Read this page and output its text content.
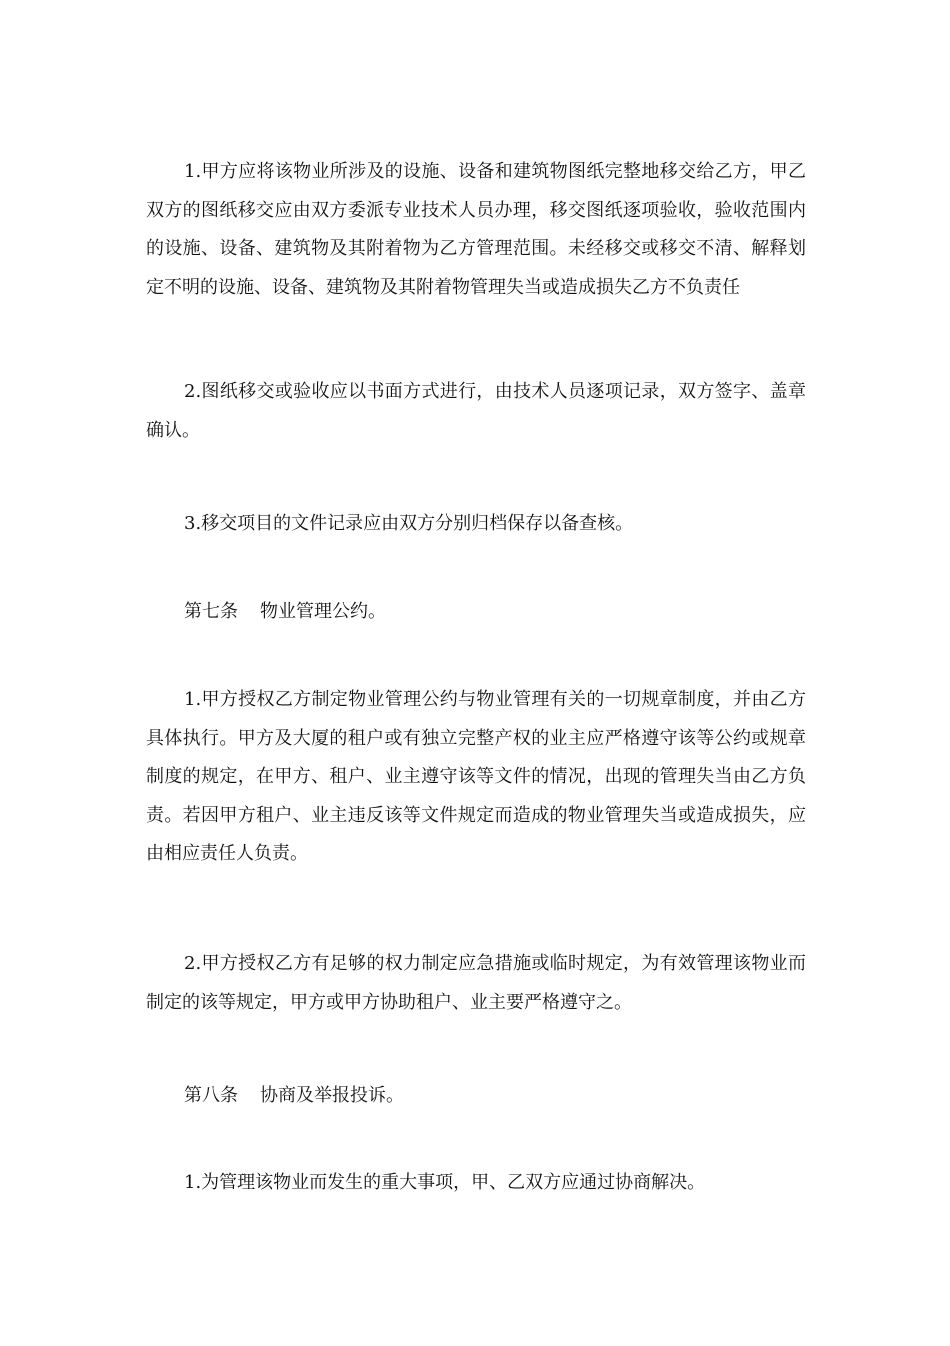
1.甲方应将该物业所涉及的设施、设备和建筑物图纸完整地移交给乙方，甲乙双方的图纸移交应由双方委派专业技术人员办理，移交图纸逐项验收，验收范围内的设施、设备、建筑物及其附着物为乙方管理范围。未经移交或移交不清、解释划定不明的设施、设备、建筑物及其附着物管理失当或造成损失乙方不负责任

2.图纸移交或验收应以书面方式进行，由技术人员逐项记录，双方签字、盖章确认。

3.移交项目的文件记录应由双方分别归档保存以备查核。

第七条 物业管理公约。

1.甲方授权乙方制定物业管理公约与物业管理有关的一切规章制度，并由乙方具体执行。甲方及大厦的租户或有独立完整产权的业主应严格遵守该等公约或规章制度的规定，在甲方、租户、业主遵守该等文件的情况，出现的管理失当由乙方负责。若因甲方租户、业主违反该等文件规定而造成的物业管理失当或造成损失，应由相应责任人负责。

2.甲方授权乙方有足够的权力制定应急措施或临时规定，为有效管理该物业而制定的该等规定，甲方或甲方协助租户、业主要严格遵守之。

第八条 协商及举报投诉。

1.为管理该物业而发生的重大事项，甲、乙双方应通过协商解决。
